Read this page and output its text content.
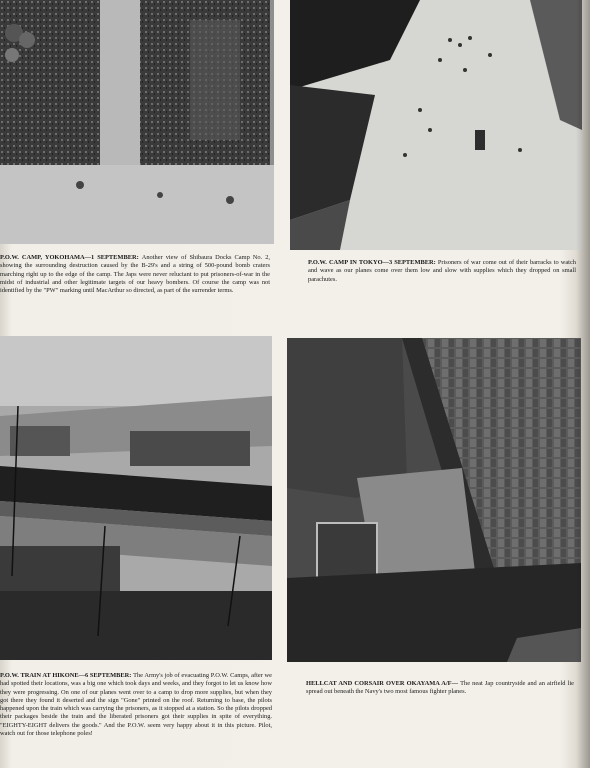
P.O.W. CAMP, YOKOHAMA—1 SEPTEMBER: Another view of Shibaura Docks Camp No. 2, showing the surrounding destruction caused by the B-29's and a string of 500-pound bomb craters marching right up to the edge of the camp. The Japs were never reluctant to put prisoners-of-war in the midst of industrial and other legitimate targets of our heavy bombers. Of course the camp was not identified by the "PW" marking until MacArthur so directed, as part of the surrender terms.
P.O.W. CAMP IN TOKYO—3 SEPTEMBER: Prisoners of war come out of their barracks to watch and wave as our planes come over them low and slow with supplies which they dropped on small parachutes.
P.O.W. TRAIN AT HIKONE—6 SEPTEMBER: The Army's job of evacuating P.O.W. Camps, after we had spotted their locations, was a big one which took days and weeks, and they forgot to let us know how they were progressing. On one of our planes went over to a camp to drop more supplies, but when they got there they found it deserted and the sign "Gone" printed on the roof. Returning to base, the pilots happened upon the train which was carrying the prisoners, as it stopped at a station. So the pilots dropped their packages beside the train and the liberated prisoners got their supplies in spite of everything. "EIGHTY-EIGHT delivers the goods." And the P.O.W. seem very happy about it in this picture. Pilot, watch out for those telephone poles!
HELLCAT AND CORSAIR OVER OKAYAMA A/F— The neat Jap countryside and an airfield lie spread out beneath the Navy's two most famous fighter planes.
